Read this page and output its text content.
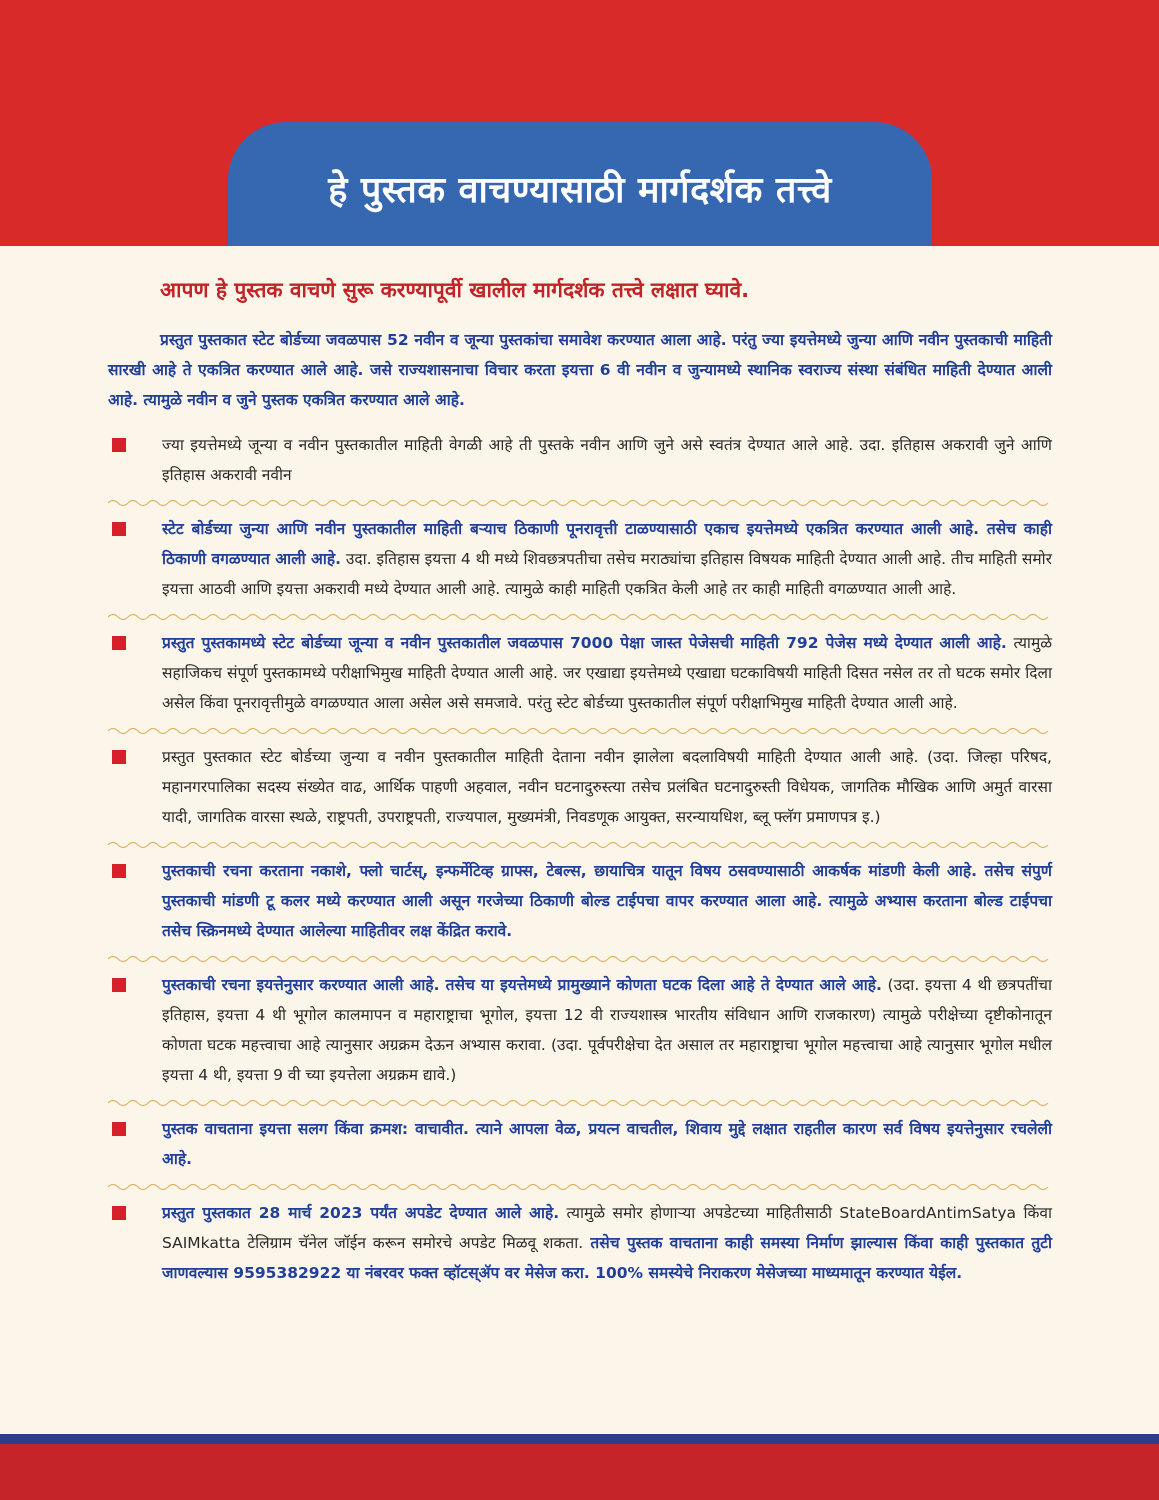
हे पुस्तक वाचण्यासाठी मार्गदर्शक तत्त्वे
आपण हे पुस्तक वाचणे सुरू करण्यापूर्वी खालील मार्गदर्शक तत्त्वे लक्षात घ्यावे.

प्रस्तुत पुस्तकात स्टेट बोर्डच्या जवळपास 52 नवीन व जून्या पुस्तकांचा समावेश करण्यात आला आहे. परंतु ज्या इयत्तेमध्ये जुन्या आणि नवीन पुस्तकाची माहिती सारखी आहे ते एकत्रित करण्यात आले आहे. जसे राज्यशासनाचा विचार करता इयत्ता 6 वी नवीन व जुन्यामध्ये स्थानिक स्वराज्य संस्था संबंधित माहिती देण्यात आली आहे. त्यामुळे नवीन व जुने पुस्तक एकत्रित करण्यात आले आहे.

ज्या इयत्तेमध्ये जून्या व नवीन पुस्तकातील माहिती वेगळी आहे ती पुस्तके नवीन आणि जुने असे स्वतंत्र देण्यात आले आहे. उदा. इतिहास अकरावी जुने आणि इतिहास अकरावी नवीन

स्टेट बोर्डच्या जुन्या आणि नवीन पुस्तकातील माहिती बऱ्याच ठिकाणी पूनरावृत्ती टाळण्यासाठी एकाच इयत्तेमध्ये एकत्रित करण्यात आली आहे. तसेच काही ठिकाणी वगळण्यात आली आहे. उदा. इतिहास इयत्ता 4 थी मध्ये शिवछत्रपतीचा तसेच मराठ्यांचा इतिहास विषयक माहिती देण्यात आली आहे. तीच माहिती समोर इयत्ता आठवी आणि इयत्ता अकरावी मध्ये देण्यात आली आहे. त्यामुळे काही माहिती एकत्रित केली आहे तर काही माहिती वगळण्यात आली आहे.

प्रस्तुत पुस्तकामध्ये स्टेट बोर्डच्या जून्या व नवीन पुस्तकातील जवळपास 7000 पेक्षा जास्त पेजेसची माहिती 792 पेजेस मध्ये देण्यात आली आहे. त्यामुळे सहाजिकच संपूर्ण पुस्तकामध्ये परीक्षाभिमुख माहिती देण्यात आली आहे. जर एखाद्या इयत्तेमध्ये एखाद्या घटकाविषयी माहिती दिसत नसेल तर तो घटक समोर दिला असेल किंवा पूनरावृत्तीमुळे वगळण्यात आला असेल असे समजावे. परंतु स्टेट बोर्डच्या पुस्तकातील संपूर्ण परीक्षाभिमुख माहिती देण्यात आली आहे.

प्रस्तुत पुस्तकात स्टेट बोर्डच्या जुन्या व नवीन पुस्तकातील माहिती देताना नवीन झालेला बदलाविषयी माहिती देण्यात आली आहे. (उदा. जिल्हा परिषद, महानगरपालिका सदस्य संख्येत वाढ, आर्थिक पाहणी अहवाल, नवीन घटनादुरुस्त्या तसेच प्रलंबित घटनादुरुस्ती विधेयक, जागतिक मौखिक आणि अमुर्त वारसा यादी, जागतिक वारसा स्थळे, राष्ट्रपती, उपराष्ट्रपती, राज्यपाल, मुख्यमंत्री, निवडणूक आयुक्त, सरन्यायधिश, ब्लू फ्लॅग प्रमाणपत्र इ.)

पुस्तकाची रचना करताना नकाशे, फ्लो चार्टस्, इन्फर्मेटिव्ह ग्राफ्स, टेबल्स, छायाचित्र यातून विषय ठसवण्यासाठी आकर्षक मांडणी केली आहे. तसेच संपुर्ण पुस्तकाची मांडणी टू कलर मध्ये करण्यात आली असून गरजेच्या ठिकाणी बोल्ड टाईपचा वापर करण्यात आला आहे. त्यामुळे अभ्यास करताना बोल्ड टाईपचा तसेच स्क्रिनमध्ये देण्यात आलेल्या माहितीवर लक्ष केंद्रित करावे.

पुस्तकाची रचना इयत्तेनुसार करण्यात आली आहे. तसेच या इयत्तेमध्ये प्रामुख्याने कोणता घटक दिला आहे ते देण्यात आले आहे. (उदा. इयत्ता 4 थी छत्रपतींचा इतिहास, इयत्ता 4 थी भूगोल कालमापन व महाराष्ट्राचा भूगोल, इयत्ता 12 वी राज्यशास्त्र भारतीय संविधान आणि राजकारण) त्यामुळे परीक्षेच्या दृष्टीकोनातून कोणता घटक महत्त्वाचा आहे त्यानुसार अग्रक्रम देऊन अभ्यास करावा. (उदा. पूर्वपरीक्षेचा देत असाल तर महाराष्ट्राचा भूगोल महत्त्वाचा आहे त्यानुसार भूगोल मधील इयत्ता 4 थी, इयत्ता 9 वी च्या इयत्तेला अग्रक्रम द्यावे.)

पुस्तक वाचताना इयत्ता सलग किंवा क्रमश: वाचावीत. त्याने आपला वेळ, प्रयत्न वाचतील, शिवाय मुद्दे लक्षात राहतील कारण सर्व विषय इयत्तेनुसार रचलेली आहे.

प्रस्तुत पुस्तकात 28 मार्च 2023 पर्यंत अपडेट देण्यात आले आहे. त्यामुळे समोर होणाऱ्या अपडेटच्या माहितीसाठी StateBoardAntimSatya किंवा SAIMkatta टेलिग्राम चॅनेल जॉईन करून समोरचे अपडेट मिळवू शकता. तसेच पुस्तक वाचताना काही समस्या निर्माण झाल्यास किंवा काही पुस्तकात तुटी जाणवल्यास 9595382922 या नंबरवर फक्त व्हॉटस्ॲप वर मेसेज करा. 100% समस्येचे निराकरण मेसेजच्या माध्यमातून करण्यात येईल.
